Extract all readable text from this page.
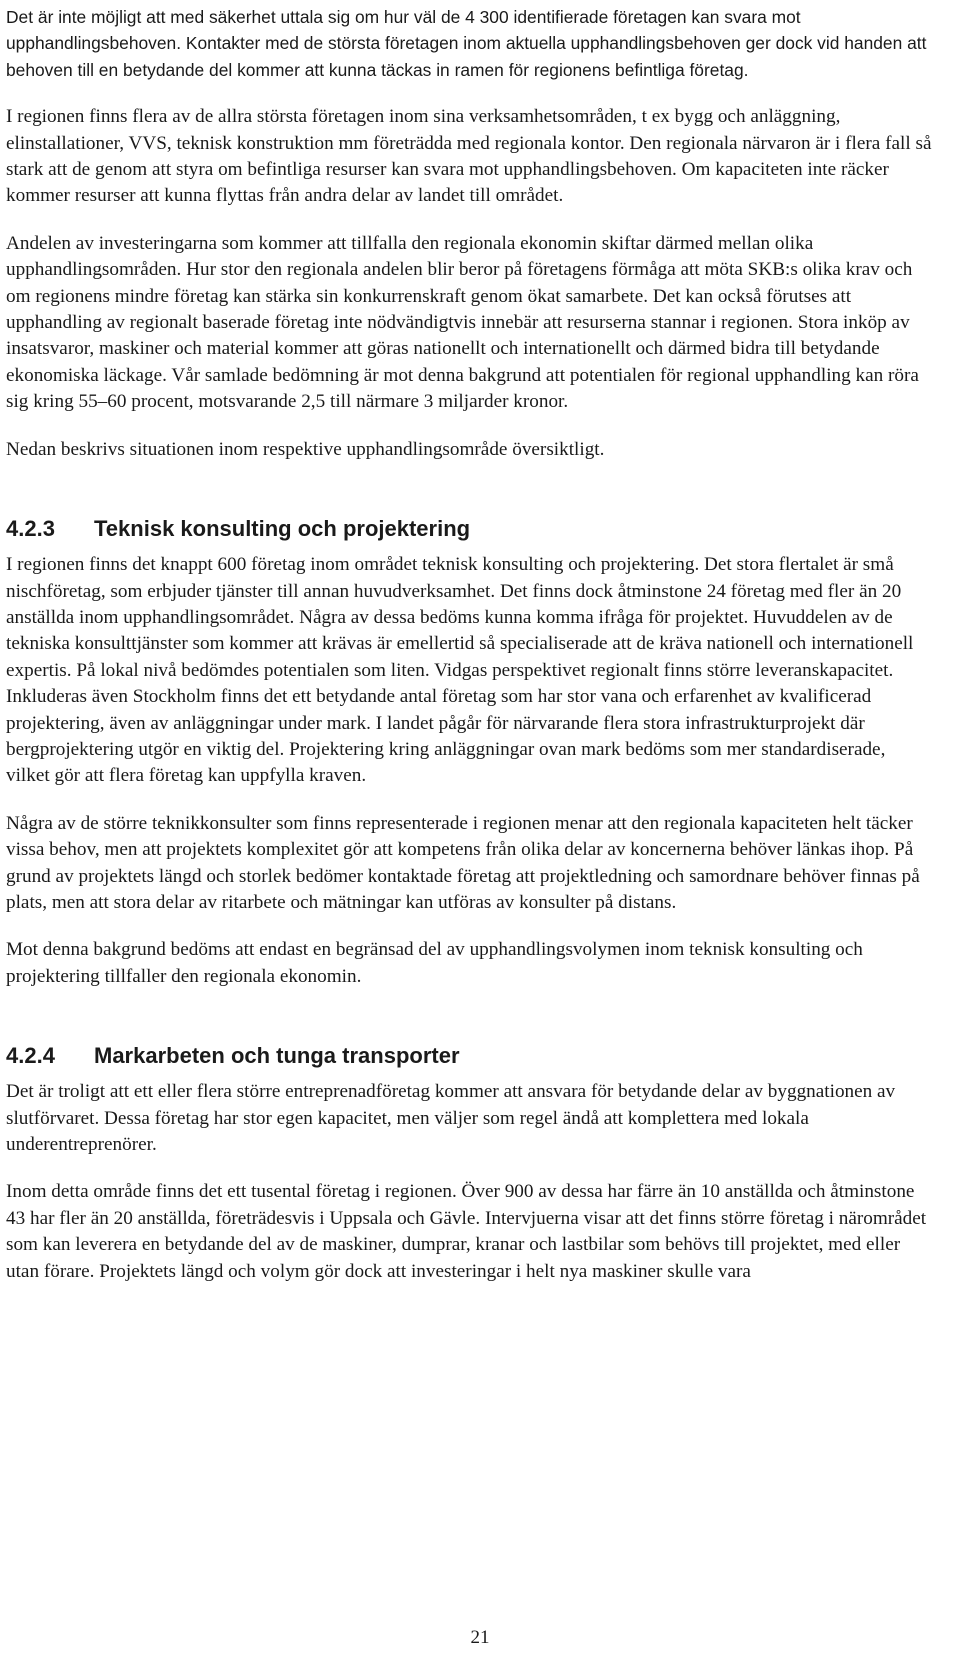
Det är inte möjligt att med säkerhet uttala sig om hur väl de 4 300 identifierade företagen kan svara mot upphandlingsbehoven. Kontakter med de största företagen inom aktuella upphandlingsbehoven ger dock vid handen att behoven till en betydande del kommer att kunna täckas in ramen för regionens befintliga företag.

I regionen finns flera av de allra största företagen inom sina verksamhetsområden, t ex bygg och anläggning, elinstallationer, VVS, teknisk konstruktion mm företrädda med regionala kontor. Den regionala närvaron är i flera fall så stark att de genom att styra om befintliga resurser kan svara mot upphandlingsbehoven. Om kapaciteten inte räcker kommer resurser att kunna flyttas från andra delar av landet till området.

Andelen av investeringarna som kommer att tillfalla den regionala ekonomin skiftar därmed mellan olika upphandlingsområden. Hur stor den regionala andelen blir beror på företagens förmåga att möta SKB:s olika krav och om regionens mindre företag kan stärka sin konkurrenskraft genom ökat samarbete. Det kan också förutses att upphandling av regionalt baserade företag inte nödvändigtvis innebär att resurserna stannar i regionen. Stora inköp av insatsvaror, maskiner och material kommer att göras nationellt och internationellt och därmed bidra till betydande ekonomiska läckage. Vår samlade bedömning är mot denna bakgrund att potentialen för regional upphandling kan röra sig kring 55–60 procent, motsvarande 2,5 till närmare 3 miljarder kronor.

Nedan beskrivs situationen inom respektive upphandlingsområde översiktligt.

4.2.3	Teknisk konsulting och projektering

I regionen finns det knappt 600 företag inom området teknisk konsulting och projektering. Det stora flertalet är små nischföretag, som erbjuder tjänster till annan huvudverksamhet. Det finns dock åtminstone 24 företag med fler än 20 anställda inom upphandlingsområdet. Några av dessa bedöms kunna komma ifråga för projektet. Huvuddelen av de tekniska konsulttjänster som kommer att krävas är emellertid så specialiserade att de kräva nationell och internationell expertis. På lokal nivå bedömdes potentialen som liten. Vidgas perspektivet regionalt finns större leveranskapacitet. Inkluderas även Stockholm finns det ett betydande antal företag som har stor vana och erfarenhet av kvalificerad projektering, även av anläggningar under mark. I landet pågår för närvarande flera stora infrastrukturprojekt där bergprojektering utgör en viktig del. Projektering kring anläggningar ovan mark bedöms som mer standardiserade, vilket gör att flera företag kan uppfylla kraven.

Några av de större teknikkonsulter som finns representerade i regionen menar att den regionala kapaciteten helt täcker vissa behov, men att projektets komplexitet gör att kompetens från olika delar av koncernerna behöver länkas ihop. På grund av projektets längd och storlek bedömer kontaktade företag att projektledning och samordnare behöver finnas på plats, men att stora delar av ritarbete och mätningar kan utföras av konsulter på distans.

Mot denna bakgrund bedöms att endast en begränsad del av upphandlingsvolymen inom teknisk konsulting och projektering tillfaller den regionala ekonomin.

4.2.4	Markarbeten och tunga transporter

Det är troligt att ett eller flera större entreprenadföretag kommer att ansvara för betydande delar av byggnationen av slutförvaret. Dessa företag har stor egen kapacitet, men väljer som regel ändå att komplettera med lokala underentreprenörer.

Inom detta område finns det ett tusental företag i regionen. Över 900 av dessa har färre än 10 anställda och åtminstone 43 har fler än 20 anställda, företrädesvis i Uppsala och Gävle. Intervjuerna visar att det finns större företag i närområdet som kan leverera en betydande del av de maskiner, dumprar, kranar och lastbilar som behövs till projektet, med eller utan förare. Projektets längd och volym gör dock att investeringar i helt nya maskiner skulle vara

21
